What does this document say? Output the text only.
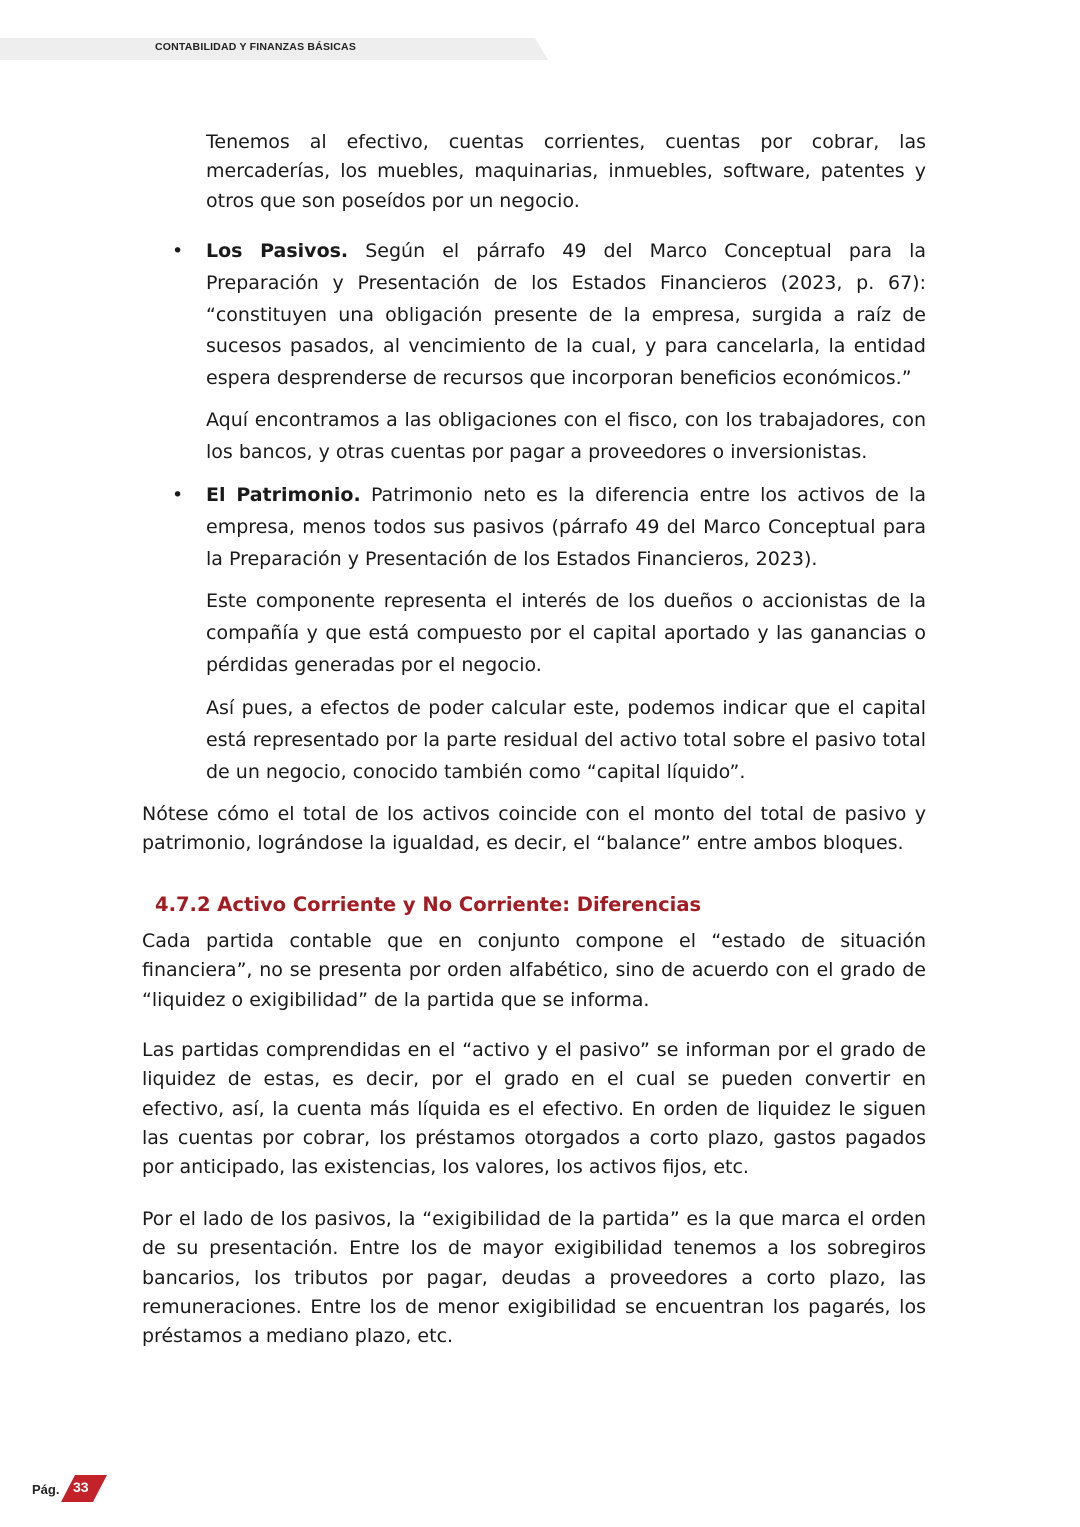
CONTABILIDAD Y FINANZAS BÁSICAS

Tenemos al efectivo, cuentas corrientes, cuentas por cobrar, las mercaderías, los muebles, maquinarias, inmuebles, software, patentes y otros que son poseídos por un negocio.

• Los Pasivos. Según el párrafo 49 del Marco Conceptual para la Preparación y Presentación de los Estados Financieros (2023, p. 67): “constituyen una obligación presente de la empresa, surgida a raíz de sucesos pasados, al vencimiento de la cual, y para cancelarla, la entidad espera desprenderse de recursos que incorporan beneficios económicos.”

Aquí encontramos a las obligaciones con el fisco, con los trabajadores, con los bancos, y otras cuentas por pagar a proveedores o inversionistas.

• El Patrimonio. Patrimonio neto es la diferencia entre los activos de la empresa, menos todos sus pasivos (párrafo 49 del Marco Conceptual para la Preparación y Presentación de los Estados Financieros, 2023).

Este componente representa el interés de los dueños o accionistas de la compañía y que está compuesto por el capital aportado y las ganancias o pérdidas generadas por el negocio.

Así pues, a efectos de poder calcular este, podemos indicar que el capital está representado por la parte residual del activo total sobre el pasivo total de un negocio, conocido también como “capital líquido”.

Nótese cómo el total de los activos coincide con el monto del total de pasivo y patrimonio, lográndose la igualdad, es decir, el “balance” entre ambos bloques.

4.7.2 Activo Corriente y No Corriente: Diferencias

Cada partida contable que en conjunto compone el “estado de situación financiera”, no se presenta por orden alfabético, sino de acuerdo con el grado de “liquidez o exigibilidad” de la partida que se informa.

Las partidas comprendidas en el “activo y el pasivo” se informan por el grado de liquidez de estas, es decir, por el grado en el cual se pueden convertir en efectivo, así, la cuenta más líquida es el efectivo. En orden de liquidez le siguen las cuentas por cobrar, los préstamos otorgados a corto plazo, gastos pagados por anticipado, las existencias, los valores, los activos fijos, etc.

Por el lado de los pasivos, la “exigibilidad de la partida” es la que marca el orden de su presentación. Entre los de mayor exigibilidad tenemos a los sobregiros bancarios, los tributos por pagar, deudas a proveedores a corto plazo, las remuneraciones. Entre los de menor exigibilidad se encuentran los pagarés, los préstamos a mediano plazo, etc.

Pág. 33
